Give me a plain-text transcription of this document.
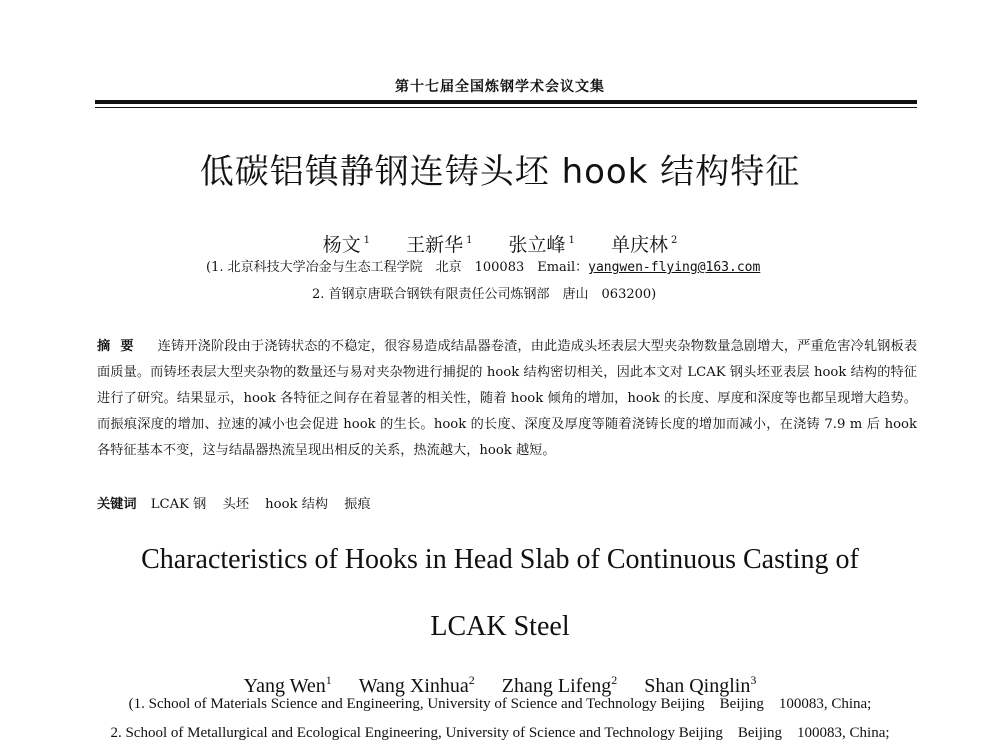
第十七届全国炼钢学术会议文集
低碳铝镇静钢连铸头坯 hook 结构特征
杨文 $^1$ 王新华 $^1$ 张立峰 $^1$ 单庆林 $^2$
(1. 北京科技大学冶金与生态工程学院　北京　100083　Email：yangwen-flying@163.com
2. 首钢京唐联合钢铁有限责任公司炼钢部　唐山　063200)
摘要 连铸开浇阶段由于浇铸状态的不稳定，很容易造成结晶器卷渣，由此造成头坯表层大型夹杂物数量急剧增大，严重危害冷轧钢板表面质量。而铸坯表层大型夹杂物的数量还与易对夹杂物进行捕捉的 hook 结构密切相关，因此本文对 LCAK 钢头坯亚表层 hook 结构的特征进行了研究。结果显示，hook 各特征之间存在着显著的相关性，随着 hook 倾角的增加，hook 的长度、厚度和深度等也都呈现增大趋势。而振痕深度的增加、拉速的减小也会促进 hook 的生长。hook 的长度、深度及厚度等随着浇铸长度的增加而减小，在浇铸 7.9 m 后 hook 各特征基本不变，这与结晶器热流呈现出相反的关系，热流越大，hook 越短。
关键词 LCAK 钢 头坯 hook 结构 振痕
Characteristics of Hooks in Head Slab of Continuous Casting of
LCAK Steel
Yang Wen$^1$ Wang Xinhua$^2$ Zhang Lifeng$^2$ Shan Qinglin$^3$
(1. School of Materials Science and Engineering, University of Science and Technology Beijing　Beijing　100083, China;
2. School of Metallurgical and Ecological Engineering, University of Science and Technology Beijing　Beijing　100083, China;
